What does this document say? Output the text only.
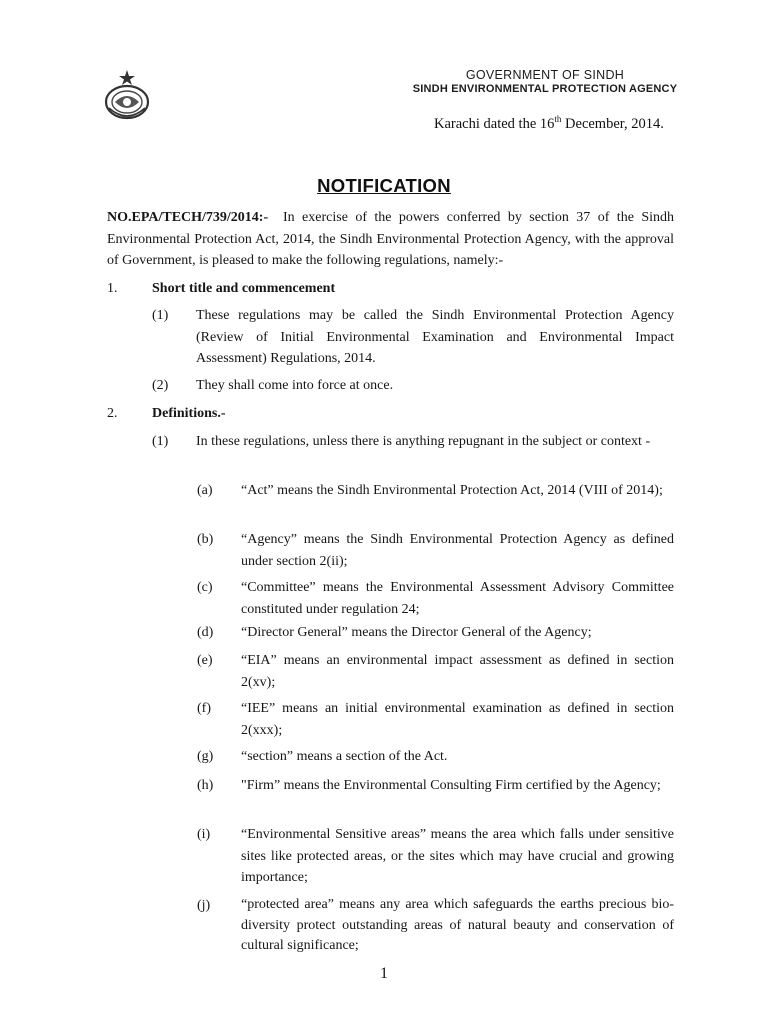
GOVERNMENT OF SINDH
SINDH ENVIRONMENTAL PROTECTION AGENCY
Karachi dated the 16th December, 2014.
NOTIFICATION
NO.EPA/TECH/739/2014:- In exercise of the powers conferred by section 37 of the Sindh Environmental Protection Act, 2014, the Sindh Environmental Protection Agency, with the approval of Government, is pleased to make the following regulations, namely:-
1. Short title and commencement
(1) These regulations may be called the Sindh Environmental Protection Agency (Review of Initial Environmental Examination and Environmental Impact Assessment) Regulations, 2014.
(2) They shall come into force at once.
2. Definitions.-
(1) In these regulations, unless there is anything repugnant in the subject or context -
(a) “Act” means the Sindh Environmental Protection Act, 2014 (VIII of 2014);
(b) “Agency” means the Sindh Environmental Protection Agency as defined under section 2(ii);
(c) “Committee” means the Environmental Assessment Advisory Committee constituted under regulation 24;
(d) “Director General” means the Director General of the Agency;
(e) “EIA” means an environmental impact assessment as defined in section 2(xv);
(f) “IEE” means an initial environmental examination as defined in section 2(xxx);
(g) “section” means a section of the Act.
(h) "Firm” means the Environmental Consulting Firm certified by the Agency;
(i) “Environmental Sensitive areas” means the area which falls under sensitive sites like protected areas, or the sites which may have crucial and growing importance;
(j) “protected area” means any area which safeguards the earths precious bio-diversity protect outstanding areas of natural beauty and conservation of cultural significance;
1
